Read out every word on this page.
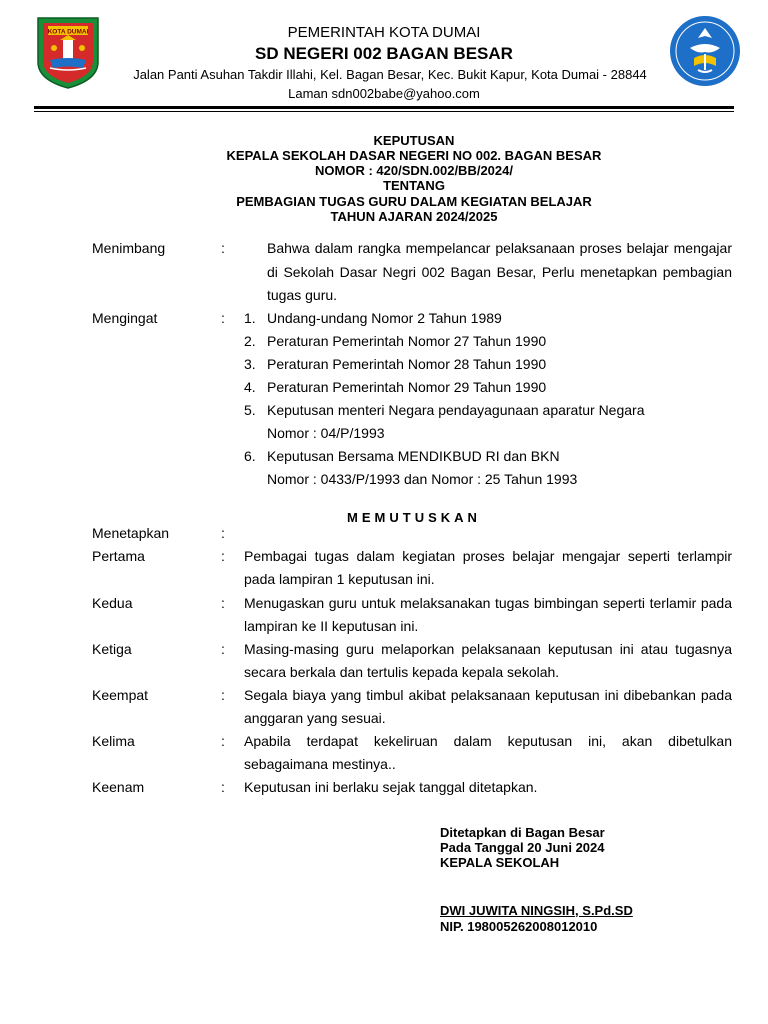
KOTA DUMAI	PEMERINTAH KOTA DUMAI
SD NEGERI 002 BAGAN BESAR
Jalan Panti Asuhan Takdir Illahi, Kel. Bagan Besar, Kec. Bukit Kapur, Kota Dumai - 28844
Laman sdn002babe@yahoo.com
KEPUTUSAN
KEPALA SEKOLAH DASAR NEGERI NO 002. BAGAN BESAR
NOMOR : 420/SDN.002/BB/2024/
TENTANG
PEMBAGIAN TUGAS GURU DALAM KEGIATAN BELAJAR
TAHUN AJARAN 2024/2025
Menimbang	:	Bahwa dalam rangka mempelancar pelaksanaan proses belajar mengajar
di Sekolah Dasar Negri 002 Bagan Besar, Perlu menetapkan pembagian
tugas guru.
Mengingat	: 1. Undang-undang Nomor 2 Tahun 1989
2. Peraturan Pemerintah Nomor 27 Tahun 1990
3. Peraturan Pemerintah Nomor 28 Tahun 1990
4. Peraturan Pemerintah Nomor 29 Tahun 1990
5. Keputusan menteri Negara pendayagunaan aparatur Negara
Nomor : 04/P/1993
6. Keputusan Bersama MENDIKBUD RI dan BKN
Nomor : 0433/P/1993 dan Nomor : 25 Tahun 1993
MEMUTUSKAN
Menetapkan	:
Pertama	: Pembagai tugas dalam kegiatan proses belajar mengajar seperti terlampir
pada lampiran 1 keputusan ini.
Kedua	: Menugaskan guru untuk melaksanakan tugas bimbingan seperti terlamir pada
lampiran ke II keputusan ini.
Ketiga	: Masing-masing guru melaporkan pelaksanaan keputusan ini atau tugasnya
secara berkala dan tertulis kepada kepala sekolah.
Keempat	: Segala biaya yang timbul akibat pelaksanaan keputusan ini dibebankan pada
anggaran yang sesuai.
Kelima	: Apabila terdapat kekeliruan dalam keputusan ini, akan dibetulkan
sebagaimana mestinya..
Keenam	: Keputusan ini berlaku sejak tanggal ditetapkan.
Ditetapkan di Bagan Besar
Pada Tanggal 20 Juni 2024
KEPALA SEKOLAH
DWI JUWITA NINGSIH, S.Pd.SD
NIP. 198005262008012010
